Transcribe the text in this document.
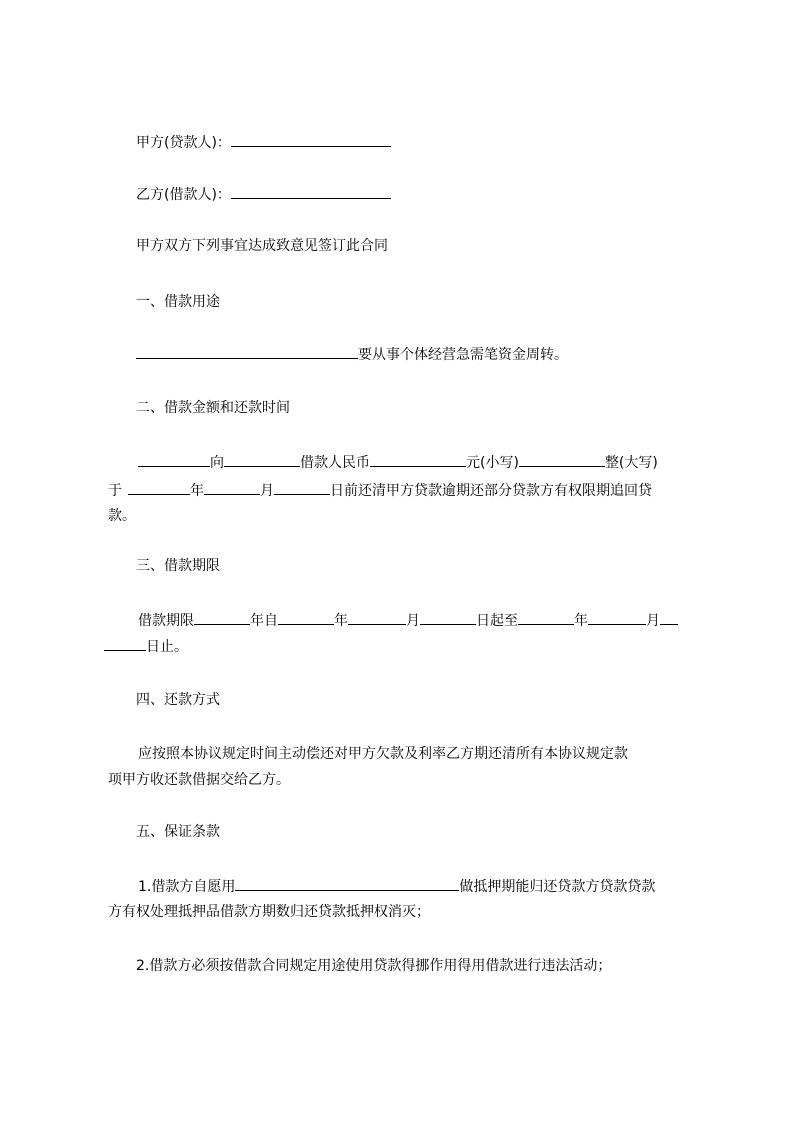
甲方(贷款人)：
乙方(借款人)：
甲方双方下列事宜达成致意见签订此合同
一、借款用途
要从事个体经营急需笔资金周转。
二、借款金额和还款时间
向	借款人民币	元(小写)	整(大写)
于	年	月	日前还清甲方贷款逾期还部分贷款方有权限期追回贷
款。
三、借款期限
借款期限	年自	年	月	日起至	年	月
日止。
四、还款方式
应按照本协议规定时间主动偿还对甲方欠款及利率乙方期还清所有本协议规定款
项甲方收还款借据交给乙方。
五、保证条款
1.借款方自愿用	做抵押期能归还贷款方贷款贷款
方有权处理抵押品借款方期数归还贷款抵押权消灭；
2.借款方必须按借款合同规定用途使用贷款得挪作用得用借款进行违法活动；
